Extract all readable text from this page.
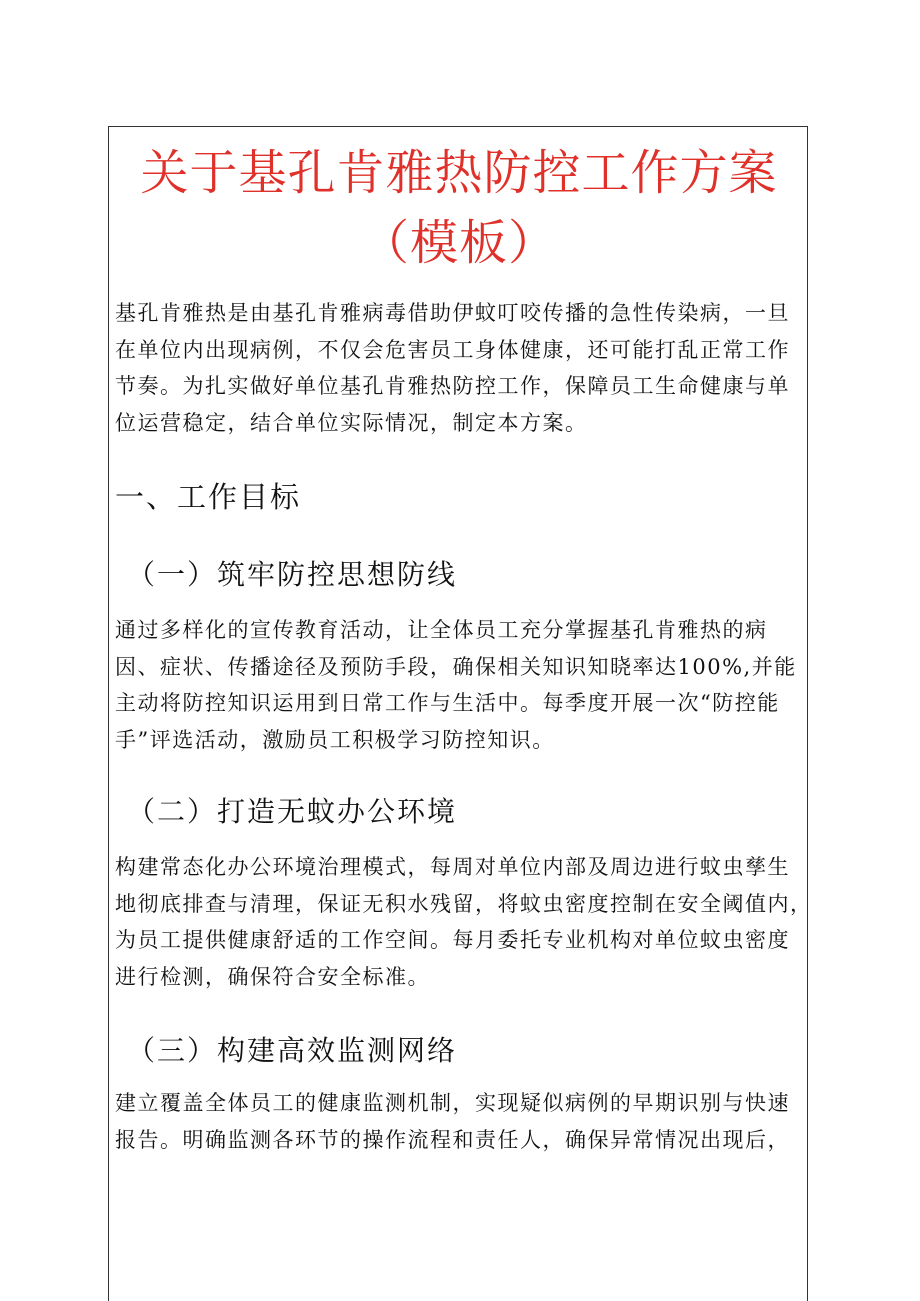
关于基孔肯雅热防控工作方案
（模板）

基孔肯雅热是由基孔肯雅病毒借助伊蚊叮咬传播的急性传染病，一旦
在单位内出现病例，不仅会危害员工身体健康，还可能打乱正常工作
节奏。为扎实做好单位基孔肯雅热防控工作，保障员工生命健康与单
位运营稳定，结合单位实际情况，制定本方案。

一、工作目标
（一）筑牢防控思想防线

通过多样化的宣传教育活动，让全体员工充分掌握基孔肯雅热的病
因、症状、传播途径及预防手段，确保相关知识知晓率达100%,并能
主动将防控知识运用到日常工作与生活中。每季度开展一次“防控能
手”评选活动，激励员工积极学习防控知识。

（二）打造无蚊办公环境

构建常态化办公环境治理模式，每周对单位内部及周边进行蚊虫孳生
地彻底排查与清理，保证无积水残留，将蚊虫密度控制在安全阈值内，
为员工提供健康舒适的工作空间。每月委托专业机构对单位蚊虫密度
进行检测，确保符合安全标准。

（三）构建高效监测网络

建立覆盖全体员工的健康监测机制，实现疑似病例的早期识别与快速
报告。明确监测各环节的操作流程和责任人，确保异常情况出现后，
